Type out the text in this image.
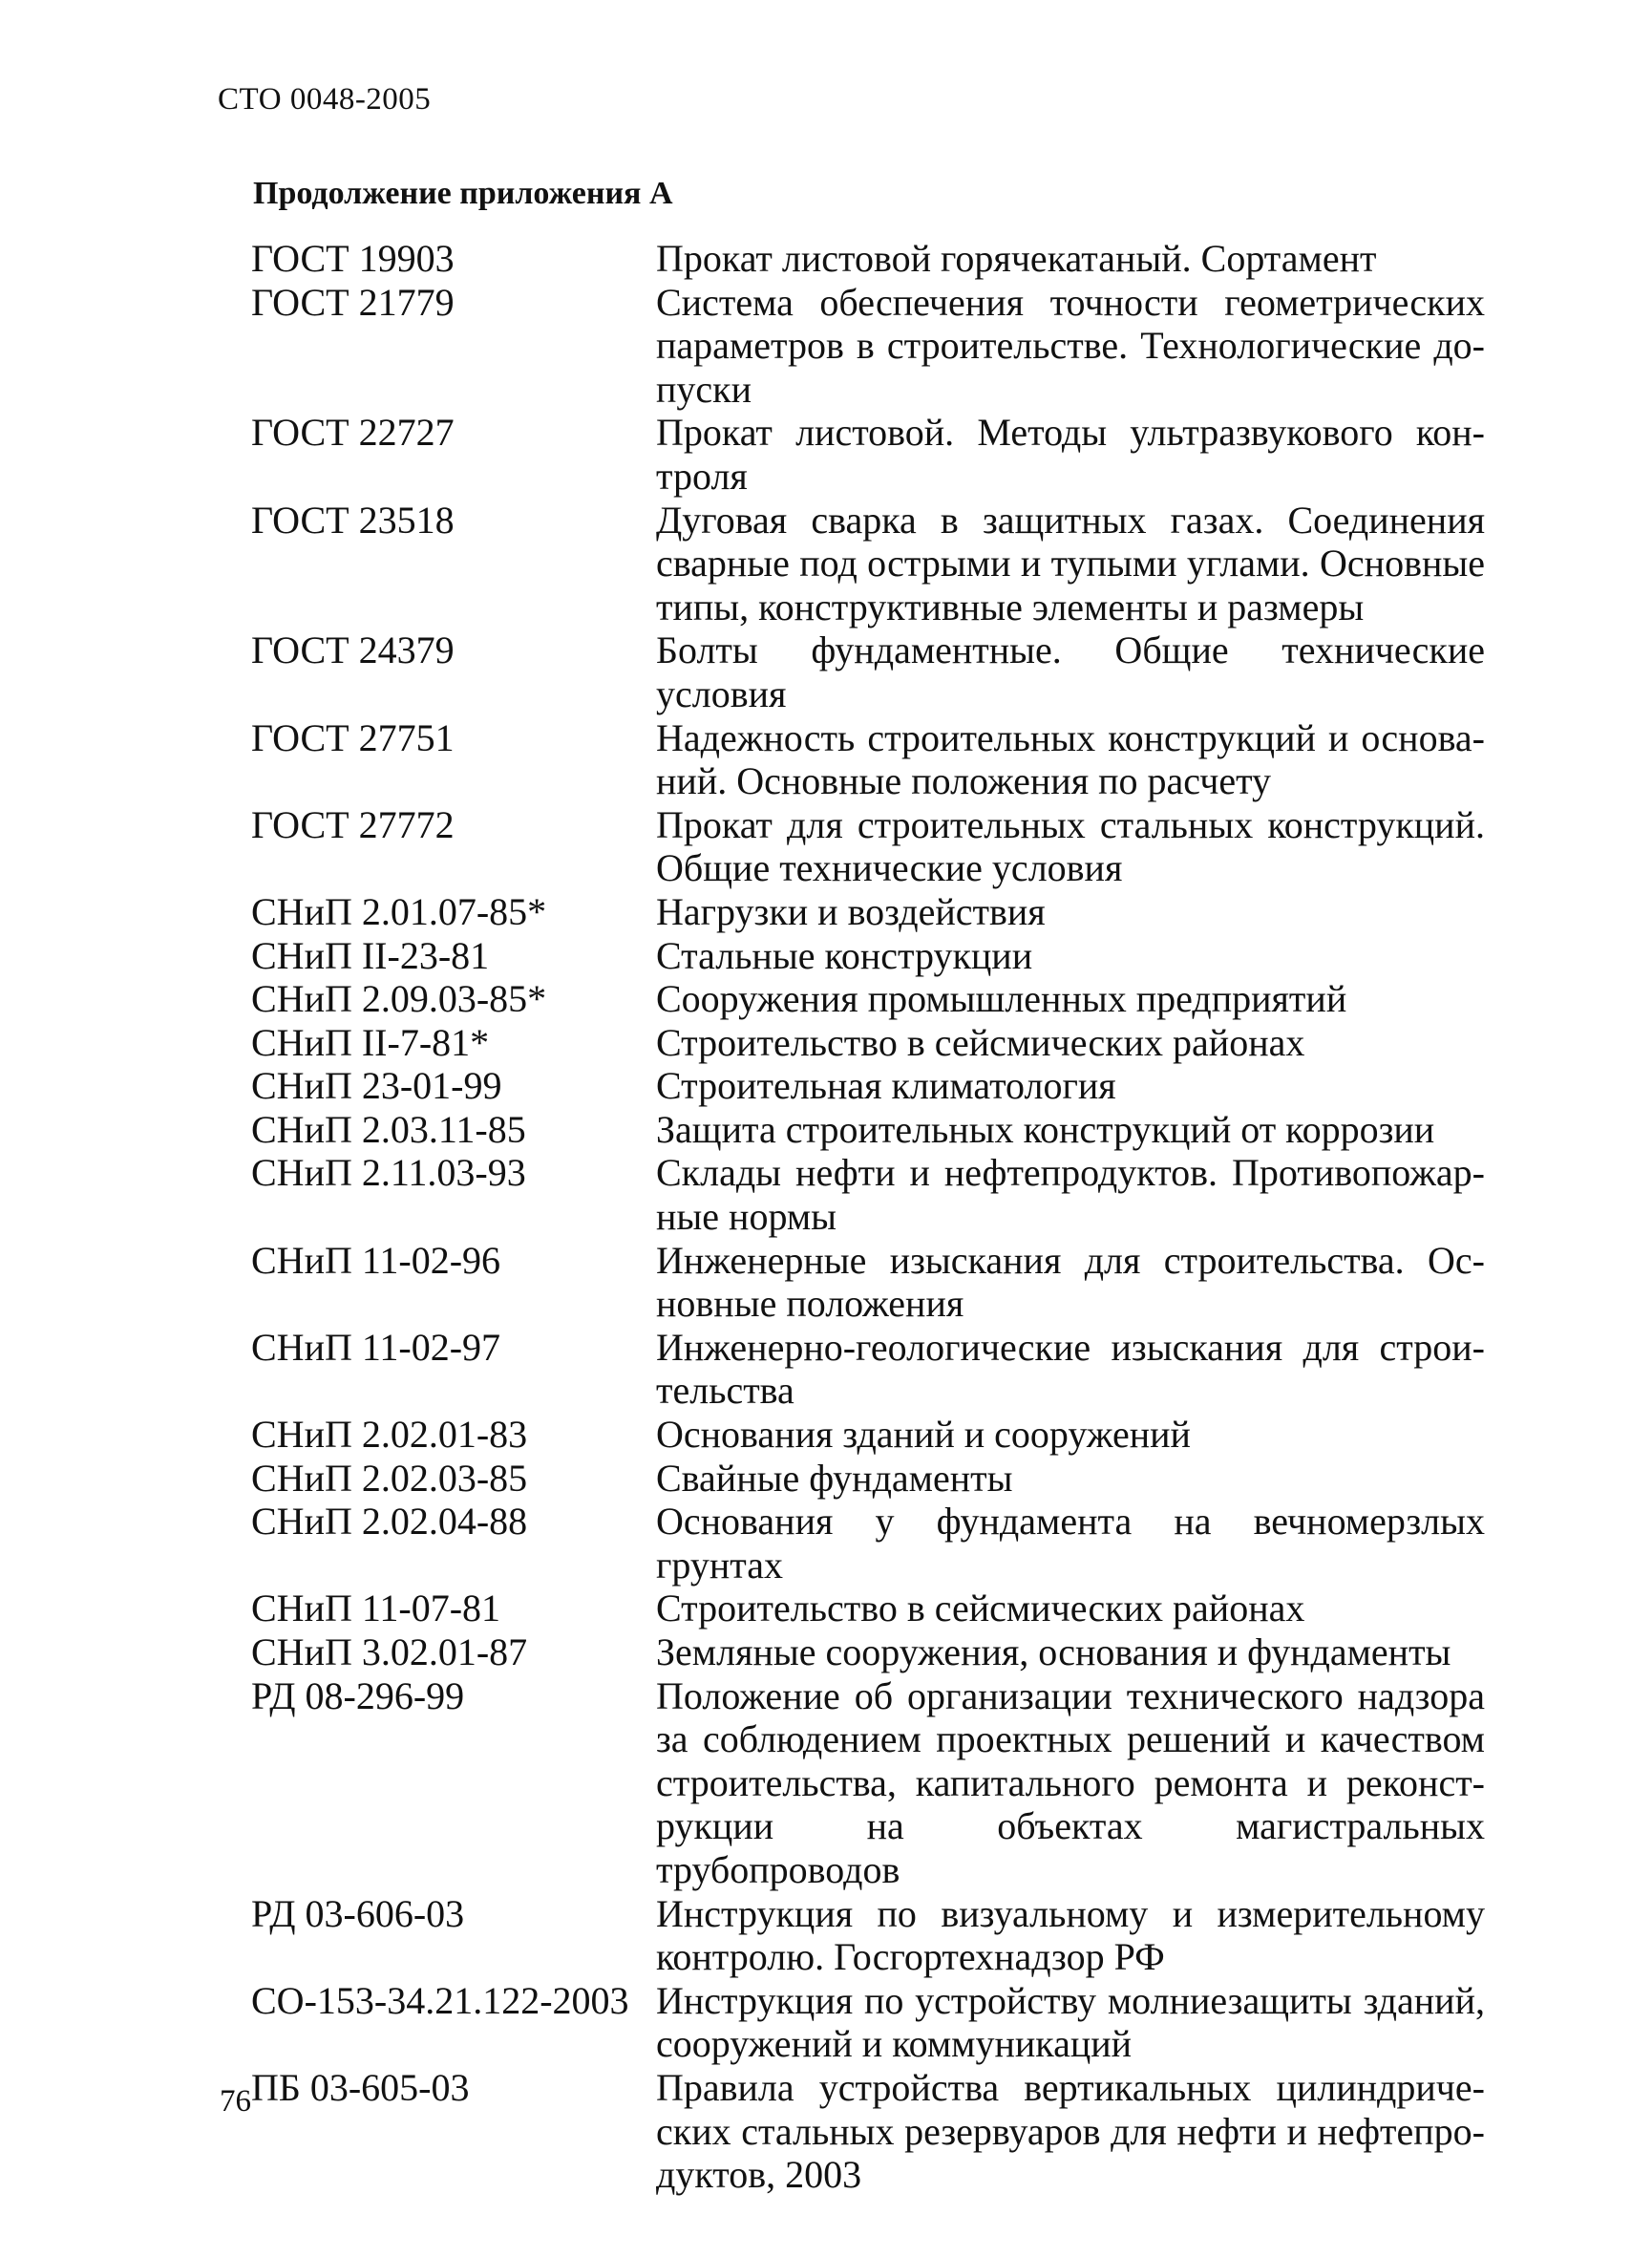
СТО 0048-2005
Продолжение приложения А
ГОСТ 19903	Прокат листовой горячекатаный. Сортамент
ГОСТ 21779	Система обеспечения точности геометрических параметров в строительстве. Технологические до-пуски
ГОСТ 22727	Прокат листовой. Методы ультразвукового кон-троля
ГОСТ 23518	Дуговая сварка в защитных газах. Соединения сварные под острыми и тупыми углами. Основные типы, конструктивные элементы и размеры
ГОСТ 24379	Болты фундаментные. Общие технические условия
ГОСТ 27751	Надежность строительных конструкций и основа-ний. Основные положения по расчету
ГОСТ 27772	Прокат для строительных стальных конструкций. Общие технические условия
СНиП 2.01.07-85*	Нагрузки и воздействия
СНиП II-23-81	Стальные конструкции
СНиП 2.09.03-85*	Сооружения промышленных предприятий
СНиП II-7-81*	Строительство в сейсмических районах
СНиП 23-01-99	Строительная климатология
СНиП 2.03.11-85	Защита строительных конструкций от коррозии
СНиП 2.11.03-93	Склады нефти и нефтепродуктов. Противопожар-ные нормы
СНиП 11-02-96	Инженерные изыскания для строительства. Ос-новные положения
СНиП 11-02-97	Инженерно-геологические изыскания для строи-тельства
СНиП 2.02.01-83	Основания зданий и сооружений
СНиП 2.02.03-85	Свайные фундаменты
СНиП 2.02.04-88	Основания у фундамента на вечномерзлых грунтах
СНиП 11-07-81	Строительство в сейсмических районах
СНиП 3.02.01-87	Земляные сооружения, основания и фундаменты
РД 08-296-99	Положение об организации технического надзора за соблюдением проектных решений и качеством строительства, капитального ремонта и реконст-рукции на объектах магистральных трубопроводов
РД 03-606-03	Инструкция по визуальному и измерительному контролю. Госгортехнадзор РФ
СО-153-34.21.122-2003 Инструкция по устройству молниезащиты зданий, сооружений и коммуникаций
ПБ 03-605-03	Правила устройства вертикальных цилиндриче-ских стальных резервуаров для нефти и нефтепро-дуктов, 2003
76
